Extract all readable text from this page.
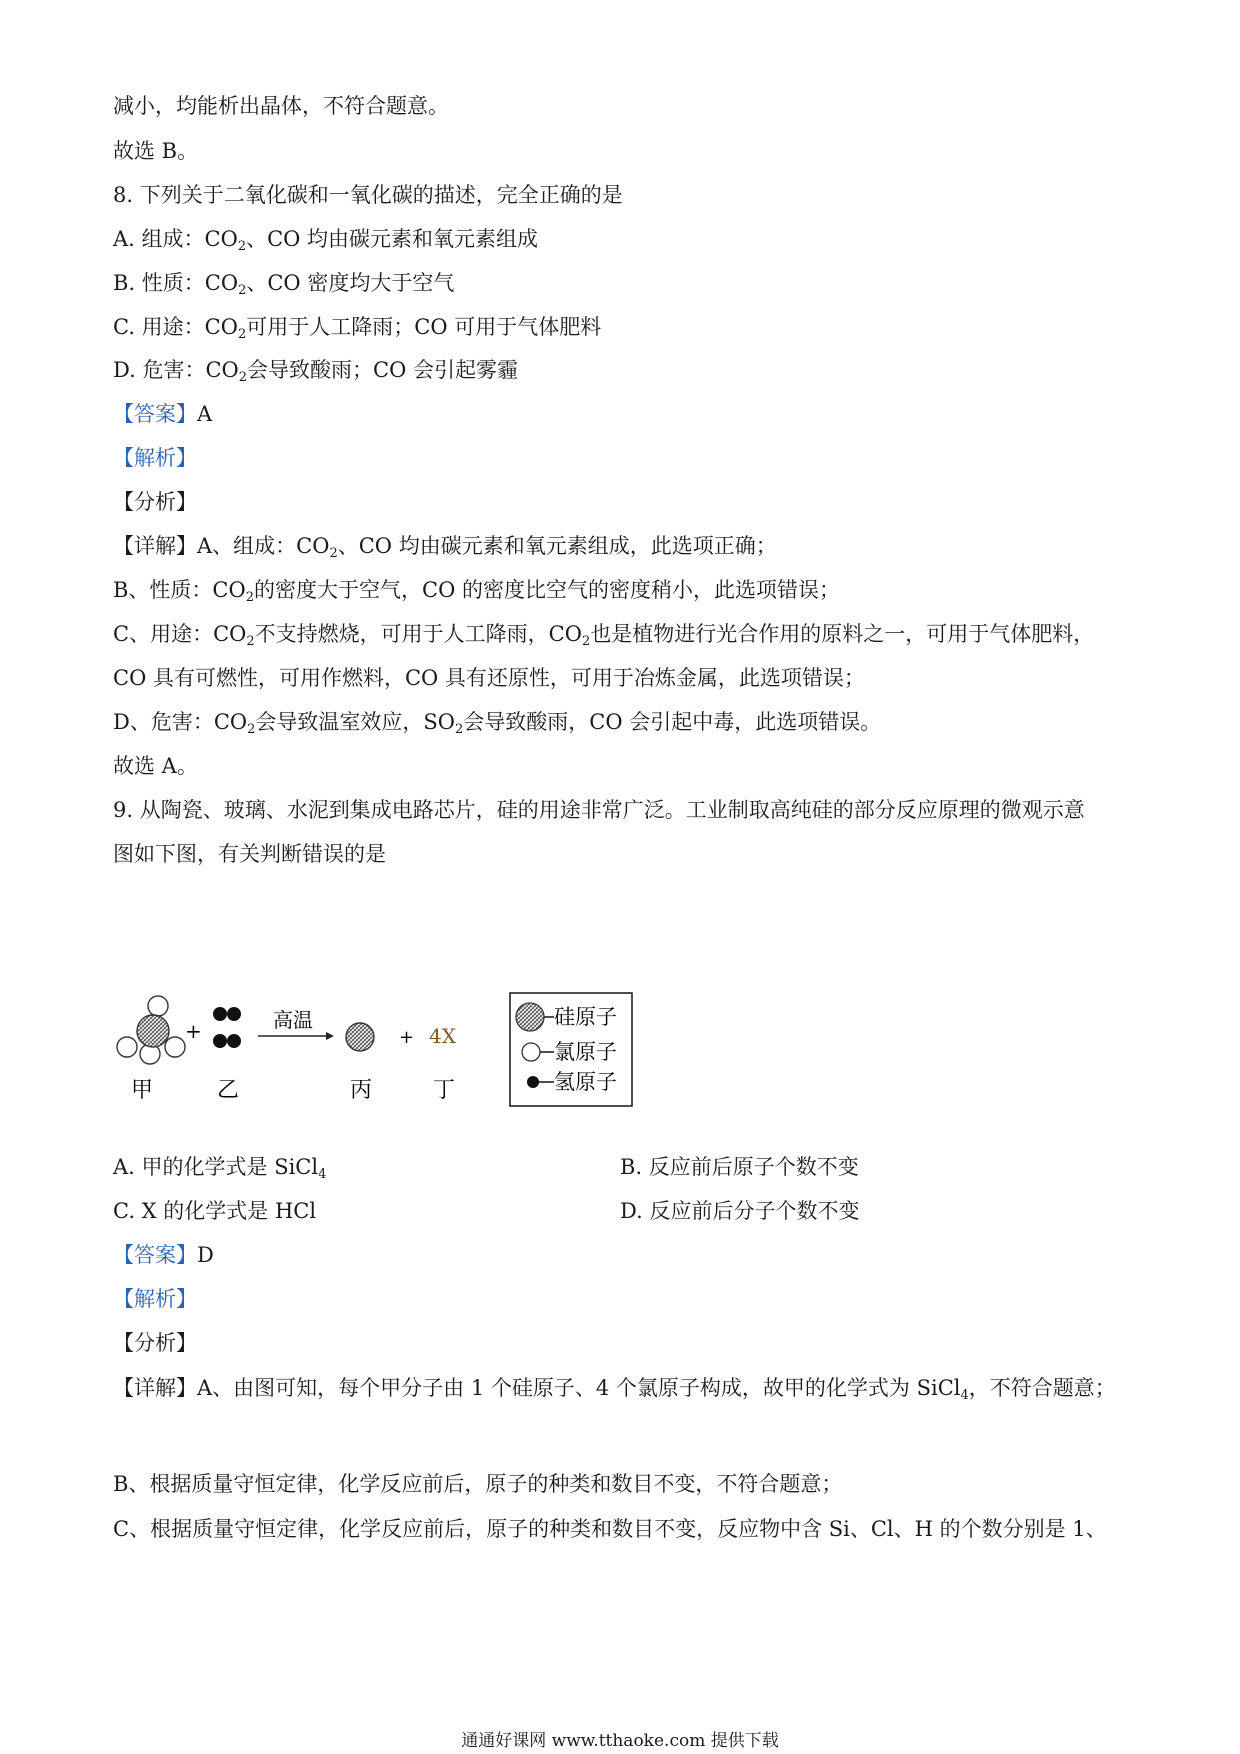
减小，均能析出晶体，不符合题意。
故选 B。
8. 下列关于二氧化碳和一氧化碳的描述，完全正确的是
A. 组成：$CO_2$、CO 均由碳元素和氧元素组成
B. 性质：$CO_2$、CO 密度均大于空气
C. 用途：$CO_2$可用于人工降雨；CO 可用于气体肥料
D. 危害：$CO_2$会导致酸雨；CO 会引起雾霾
【答案】A
【解析】
【分析】
【详解】A、组成：$CO_2$、CO 均由碳元素和氧元素组成，此选项正确；
B、性质：$CO_2$的密度大于空气，CO 的密度比空气的密度稍小，此选项错误；
C、用途：$CO_2$不支持燃烧，可用于人工降雨，$CO_2$也是植物进行光合作用的原料之一，可用于气体肥料，
CO 具有可燃性，可用作燃料，CO 具有还原性，可用于冶炼金属，此选项错误；
D、危害：$CO_2$会导致温室效应，$SO_2$会导致酸雨，CO 会引起中毒，此选项错误。
故选 A。
9. 从陶瓷、玻璃、水泥到集成电路芯片，硅的用途非常广泛。工业制取高纯硅的部分反应原理的微观示意
图如下图，有关判断错误的是
+	高温
+ 4X
甲	乙	丙	丁
硅原子
氯原子
氢原子
A. 甲的化学式是 SiCl$_4$	B. 反应前后原子个数不变
C. X 的化学式是 HCl	D. 反应前后分子个数不变
【答案】D
【解析】
【分析】
【详解】A、由图可知，每个甲分子由 1 个硅原子、4 个氯原子构成，故甲的化学式为 SiCl$_4$，不符合题意；
B、根据质量守恒定律，化学反应前后，原子的种类和数目不变，不符合题意；
C、根据质量守恒定律，化学反应前后，原子的种类和数目不变，反应物中含 Si、Cl、H 的个数分别是 1、
通通好课网 www.tthaoke.com 提供下载
